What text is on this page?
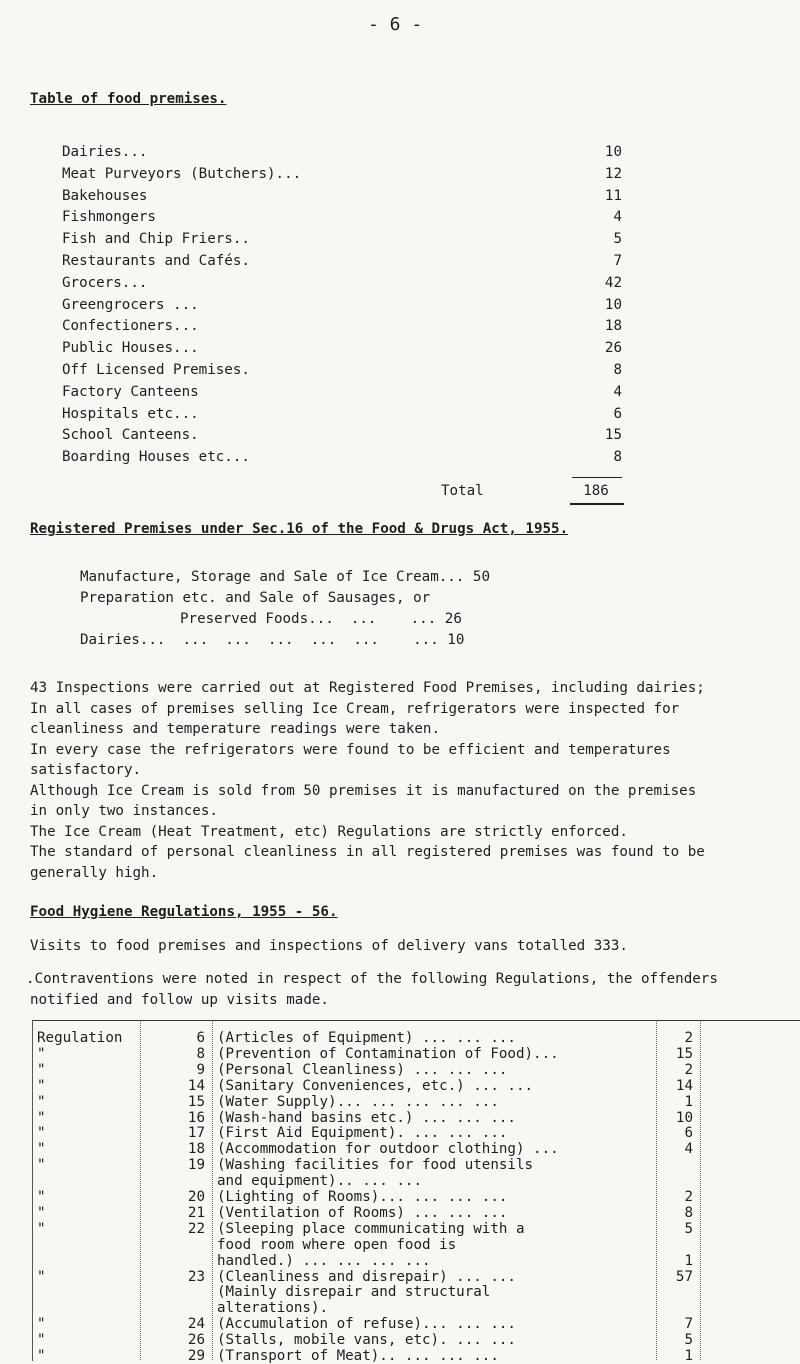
- 6 -
Table of food premises.
Dairies...	10
Meat Purveyors (Butchers)...	12
Bakehouses	11
Fishmongers	4
Fish and Chip Friers..	5
Restaurants and Cafés.	7
Grocers...	42
Greengrocers ...	10
Confectioners...	18
Public Houses...	26
Off Licensed Premises.	8
Factory Canteens	4
Hospitals etc...	6
School Canteens.	15
Boarding Houses etc...	8
Total	186
Registered Premises under Sec.16 of the Food & Drugs Act, 1955.
Manufacture, Storage and Sale of Ice Cream... 50
Preparation etc. and Sale of Sausages, or
Preserved Foods...  ...    ... 26
Dairies...  ...  ...  ...  ...  ...    ... 10
43 Inspections were carried out at Registered Food Premises, including dairies;
In all cases of premises selling Ice Cream, refrigerators were inspected for
cleanliness and temperature readings were taken.
In every case the refrigerators were found to be efficient and temperatures
satisfactory.
Although Ice Cream is sold from 50 premises it is manufactured on the premises
in only two instances.
The Ice Cream (Heat Treatment, etc) Regulations are strictly enforced.
The standard of personal cleanliness in all registered premises was found to be
generally high.
Food Hygiene Regulations, 1955 - 56.
Visits to food premises and inspections of delivery vans totalled 333.
.Contraventions were noted in respect of the following Regulations, the offenders
notified and follow up visits made.
Regulation	6 (Articles of Equipment) ... ... ...	2
"	8 (Prevention of Contamination of Food)...	15
"	9 (Personal Cleanliness) ... ... ...	2
"	14 (Sanitary Conveniences, etc.) ... ...	14
"	15 (Water Supply)... ... ... ... ...	1
"	16 (Wash-hand basins etc.) ... ... ...	10
"	17 (First Aid Equipment). ... ... ...	6
"	18 (Accommodation for outdoor clothing) ...	4
"	19 (Washing facilities for food utensils
and equipment).. ... ...
"	20 (Lighting of Rooms)... ... ... ...	2
"	21 (Ventilation of Rooms) ... ... ...	8
"	22 (Sleeping place communicating with a	5
food room where open food is
handled.) ... ... ... ...	1
"	23 (Cleanliness and disrepair) ... ...	57
(Mainly disrepair and structural
alterations).
"	24 (Accumulation of refuse)... ... ...	7
"	26 (Stalls, mobile vans, etc). ... ...	5
"	29 (Transport of Meat).. ... ... ...	1
